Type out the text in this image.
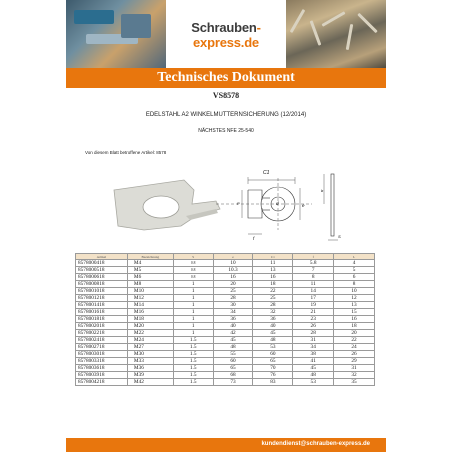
Schrauben-express.de
Technisches Dokument
VS8578
EDELSTAHL A2 WINKELMUTTERNSICHERUNG (12/2014)
NÄCHSTES NFE 25-540
Von diesem Blatt betroffene Artikel: 8578
C1
d	e
f
P
b
S
Artikel	Bezeichnung	S	e	C1	f	L
8578000418	M4	0.8	10	11	5.8	4
8578000518	M5	0.8	10.3	13	7	5
8578000618	M6	0.8	16	16	8	6
8578000818	M8	1	20	18	11	8
8578001018	M10	1	25	22	14	10
8578001218	M12	1	28	25	17	12
8578001418	M14	1	30	28	19	13
8578001618	M16	1	34	32	21	15
8578001818	M18	1	36	36	23	16
8578002018	M20	1	40	40	26	18
8578002218	M22	1	42	45	28	20
8578002418	M24	1.5	45	48	31	22
8578002718	M27	1.5	48	53	34	24
8578003018	M30	1.5	55	60	38	26
8578003318	M33	1.5	60	65	41	29
8578003618	M36	1.5	65	70	45	31
8578003918	M39	1.5	68	76	48	32
8578004218	M42	1.5	73	83	53	35
kundendienst@schrauben-express.de
